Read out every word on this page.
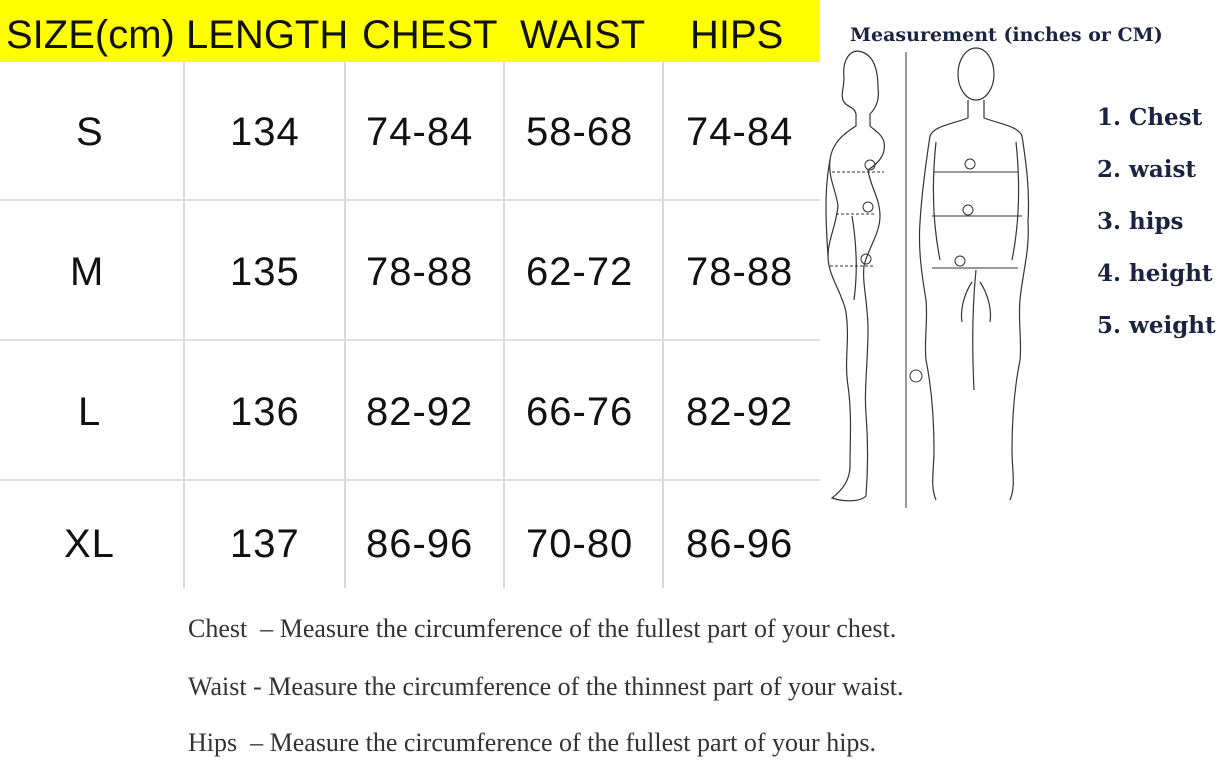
SIZE(cm) LENGTH CHEST WAIST HIPS
S	134 74-84 58-68 74-84
M	135 78-88 62-72 78-88
L	136 82-92 66-76 82-92
XL	137 86-96 70-80 86-96
Measurement (inches or CM)
1. Chest
2. waist
3. hips
4. height
5. weight
Chest  – Measure the circumference of the fullest part of your chest.
Waist - Measure the circumference of the thinnest part of your waist.
Hips  – Measure the circumference of the fullest part of your hips.
